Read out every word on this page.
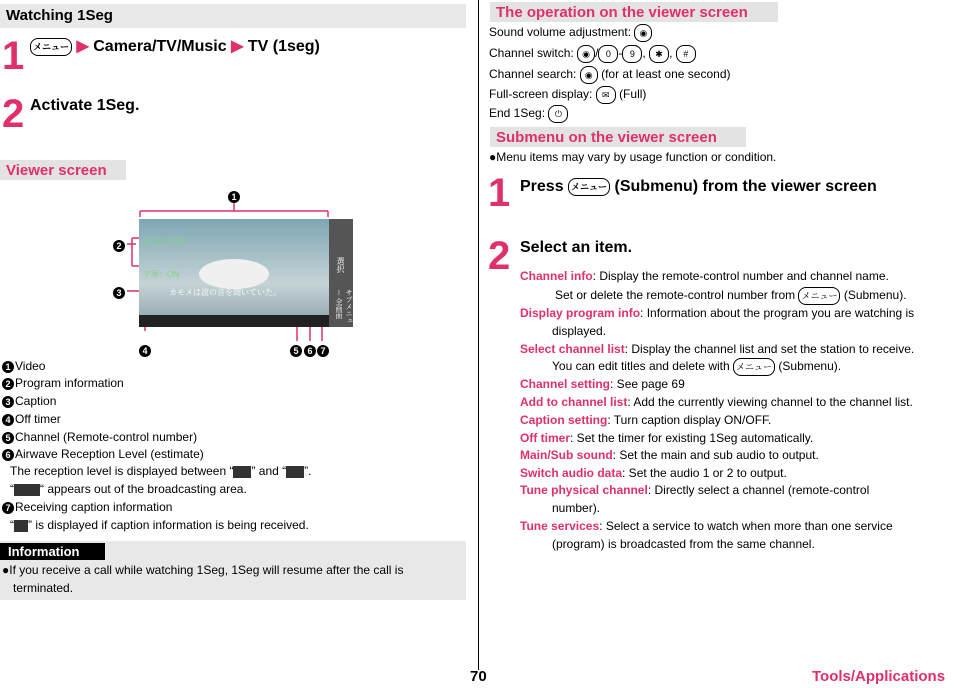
Watching 1Seg
1 メニュー ▶ Camera/TV/Music ▶ TV (1seg)
2 Activate 1Seg.
Viewer screen
13:30-15:30
字幕：ON
カモメは波の音を聞いていた。
選択
サブメニュー 全画面
1
2
3
4	5 6 7
1 Video
2 Program information
3 Caption
4 Off timer
5 Channel (Remote-control number)
6 Airwave Reception Level (estimate)
The reception level is displayed between “ ” and “ ”.
“ “ appears out of the broadcasting area.
7 Receiving caption information
“ ” is displayed if caption information is being received.
Information
●If you receive a call while watching 1Seg, 1Seg will resume after the call is
terminated.
The operation on the viewer screen
Sound volume adjustment: ◉
Channel switch: ◉ / 0 - 9 , ✱ , #
Channel search: ◉ (for at least one second)
Full-screen display: ✉ (Full)
End 1Seg: ⏻
Submenu on the viewer screen
●Menu items may vary by usage function or condition.
1 Press メニュー (Submenu) from the viewer screen
2 Select an item.
Channel info: Display the remote-control number and channel name.
Set or delete the remote-control number from メニュー (Submenu).
Display program info: Information about the program you are watching is
displayed.
Select channel list: Display the channel list and set the station to receive.
You can edit titles and delete with メニュー (Submenu).
Channel setting: See page 69
Add to channel list: Add the currently viewing channel to the channel list.
Caption setting: Turn caption display ON/OFF.
Off timer: Set the timer for existing 1Seg automatically.
Main/Sub sound: Set the main and sub audio to output.
Switch audio data: Set the audio 1 or 2 to output.
Tune physical channel: Directly select a channel (remote-control
number).
Tune services: Select a service to watch when more than one service
(program) is broadcasted from the same channel.
70	Tools/Applications
